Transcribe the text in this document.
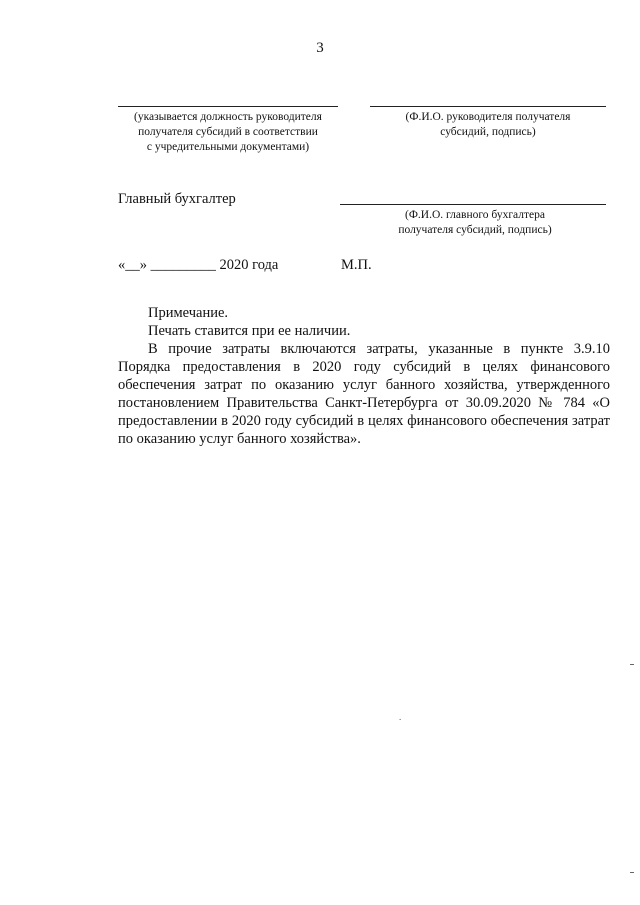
3
(указывается должность руководителя
получателя субсидий в соответствии
с учредительными документами)
(Ф.И.О. руководителя получателя
субсидий, подпись)
Главный бухгалтер
(Ф.И.О. главного бухгалтера
получателя субсидий, подпись)
«__» _________ 2020 года	М.П.

Примечание.

Печать ставится при ее наличии.

В прочие затраты включаются затраты, указанные в пункте 3.9.10 Порядка предоставления в 2020 году субсидий в целях финансового обеспечения затрат по оказанию услуг банного хозяйства, утвержденного постановлением Правительства Санкт-Петербурга от 30.09.2020 № 784 «О предоставлении в 2020 году субсидий в целях финансового обеспечения затрат по оказанию услуг банного хозяйства».

.
